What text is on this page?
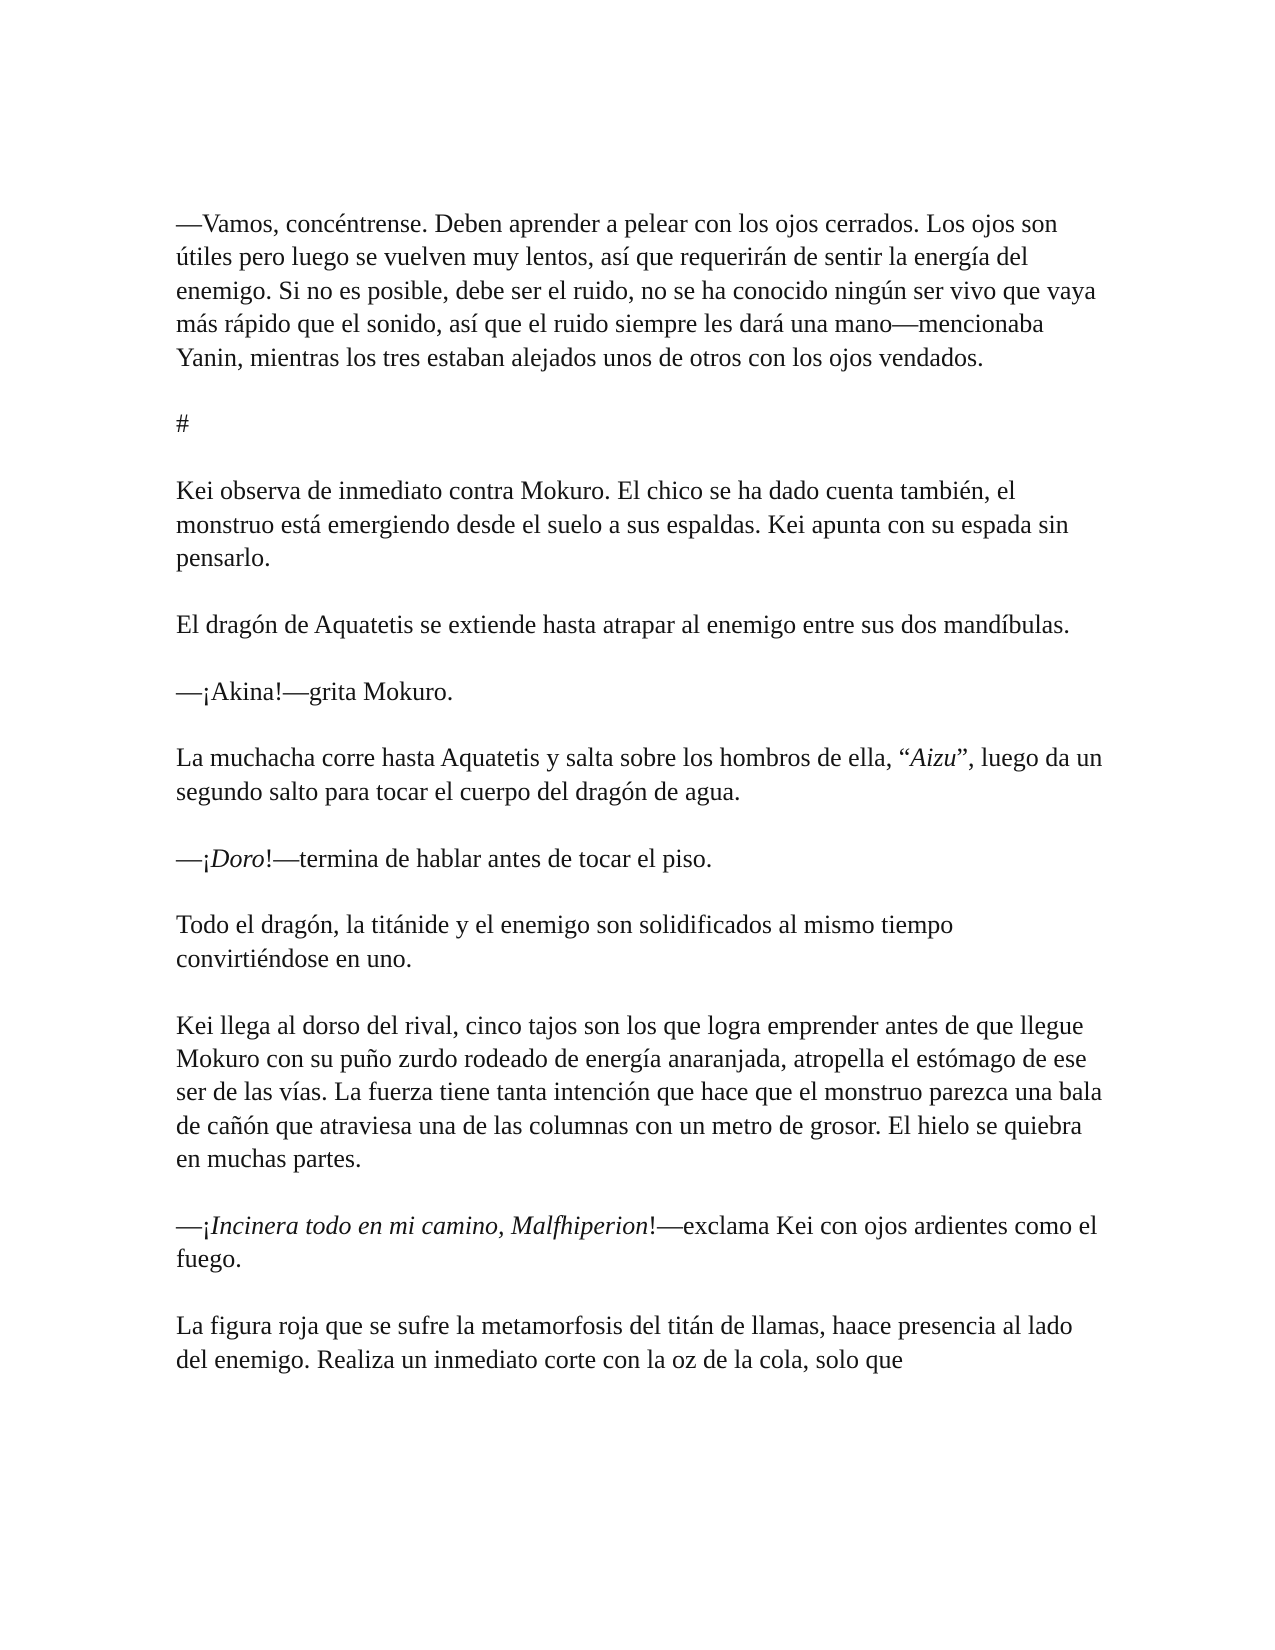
—Vamos, concéntrense. Deben aprender a pelear con los ojos cerrados. Los ojos son útiles pero luego se vuelven muy lentos, así que requerirán de sentir la energía del enemigo. Si no es posible, debe ser el ruido, no se ha conocido ningún ser vivo que vaya más rápido que el sonido, así que el ruido siempre les dará una mano—mencionaba Yanin, mientras los tres estaban alejados unos de otros con los ojos vendados.

#

Kei observa de inmediato contra Mokuro. El chico se ha dado cuenta también, el monstruo está emergiendo desde el suelo a sus espaldas. Kei apunta con su espada sin pensarlo.

El dragón de Aquatetis se extiende hasta atrapar al enemigo entre sus dos mandíbulas.

—¡Akina!—grita Mokuro.

La muchacha corre hasta Aquatetis y salta sobre los hombros de ella, “Aizu”, luego da un segundo salto para tocar el cuerpo del dragón de agua.

—¡Doro!—termina de hablar antes de tocar el piso.

Todo el dragón, la titánide y el enemigo son solidificados al mismo tiempo convirtiéndose en uno.

Kei llega al dorso del rival, cinco tajos son los que logra emprender antes de que llegue Mokuro con su puño zurdo rodeado de energía anaranjada, atropella el estómago de ese ser de las vías. La fuerza tiene tanta intención que hace que el monstruo parezca una bala de cañón que atraviesa una de las columnas con un metro de grosor. El hielo se quiebra en muchas partes.

—¡Incinera todo en mi camino, Malfhiperion!—exclama Kei con ojos ardientes como el fuego.

La figura roja que se sufre la metamorfosis del titán de llamas, haace presencia al lado del enemigo. Realiza un inmediato corte con la oz de la cola, solo que
